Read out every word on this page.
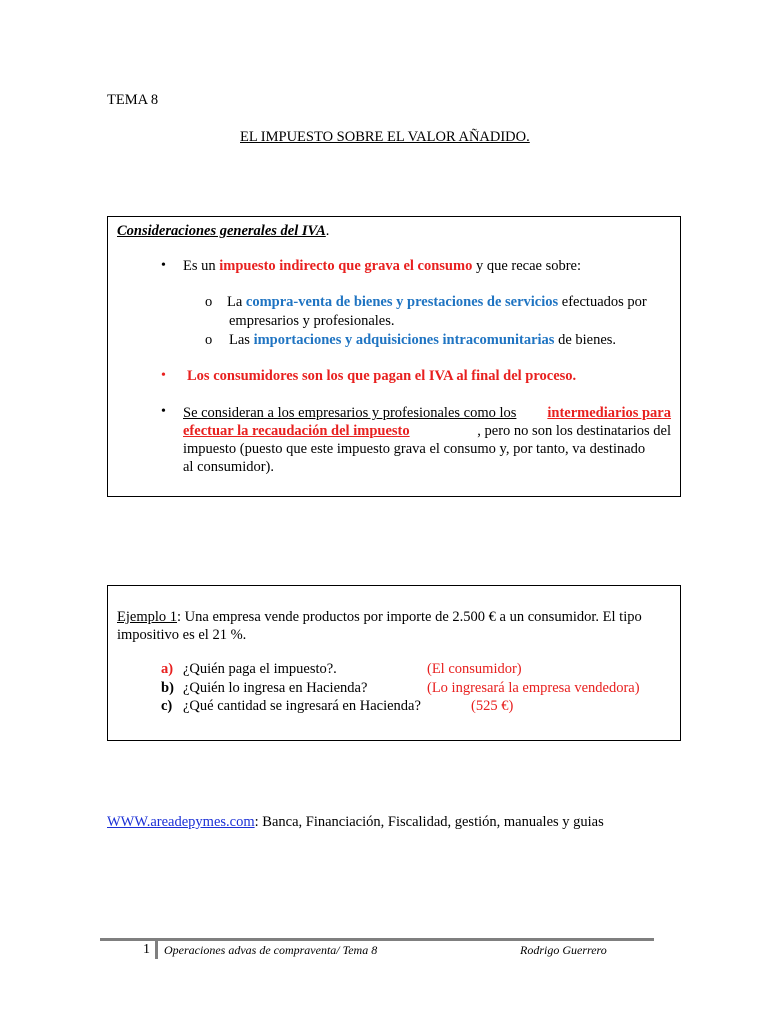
TEMA 8
EL IMPUESTO SOBRE EL VALOR AÑADIDO.
Consideraciones generales del IVA.
• Es un impuesto indirecto que grava el consumo y que recae sobre:
o La compra-venta de bienes y prestaciones de servicios efectuados por
empresarios y profesionales.
o Las importaciones y adquisiciones intracomunitarias de bienes.
• Los consumidores son los que pagan el IVA al final del proceso.
• Se consideran a los empresarios y profesionales como los intermediarios para
efectuar la recaudación del impuesto	, pero no son los destinatarios del
impuesto (puesto que este impuesto grava el consumo y, por tanto, va destinado
al consumidor).
Ejemplo 1: Una empresa vende productos por importe de 2.500 € a un consumidor. El tipo
impositivo es el 21 %.
a) ¿Quién paga el impuesto?.	(El consumidor)
b) ¿Quién lo ingresa en Hacienda?	(Lo ingresará la empresa vendedora)
c) ¿Qué cantidad se ingresará en Hacienda?	(525 €)
WWW.areadepymes.com: Banca, Financiación, Fiscalidad, gestión, manuales y guias
1 Operaciones advas de compraventa/ Tema 8	Rodrigo Guerrero
